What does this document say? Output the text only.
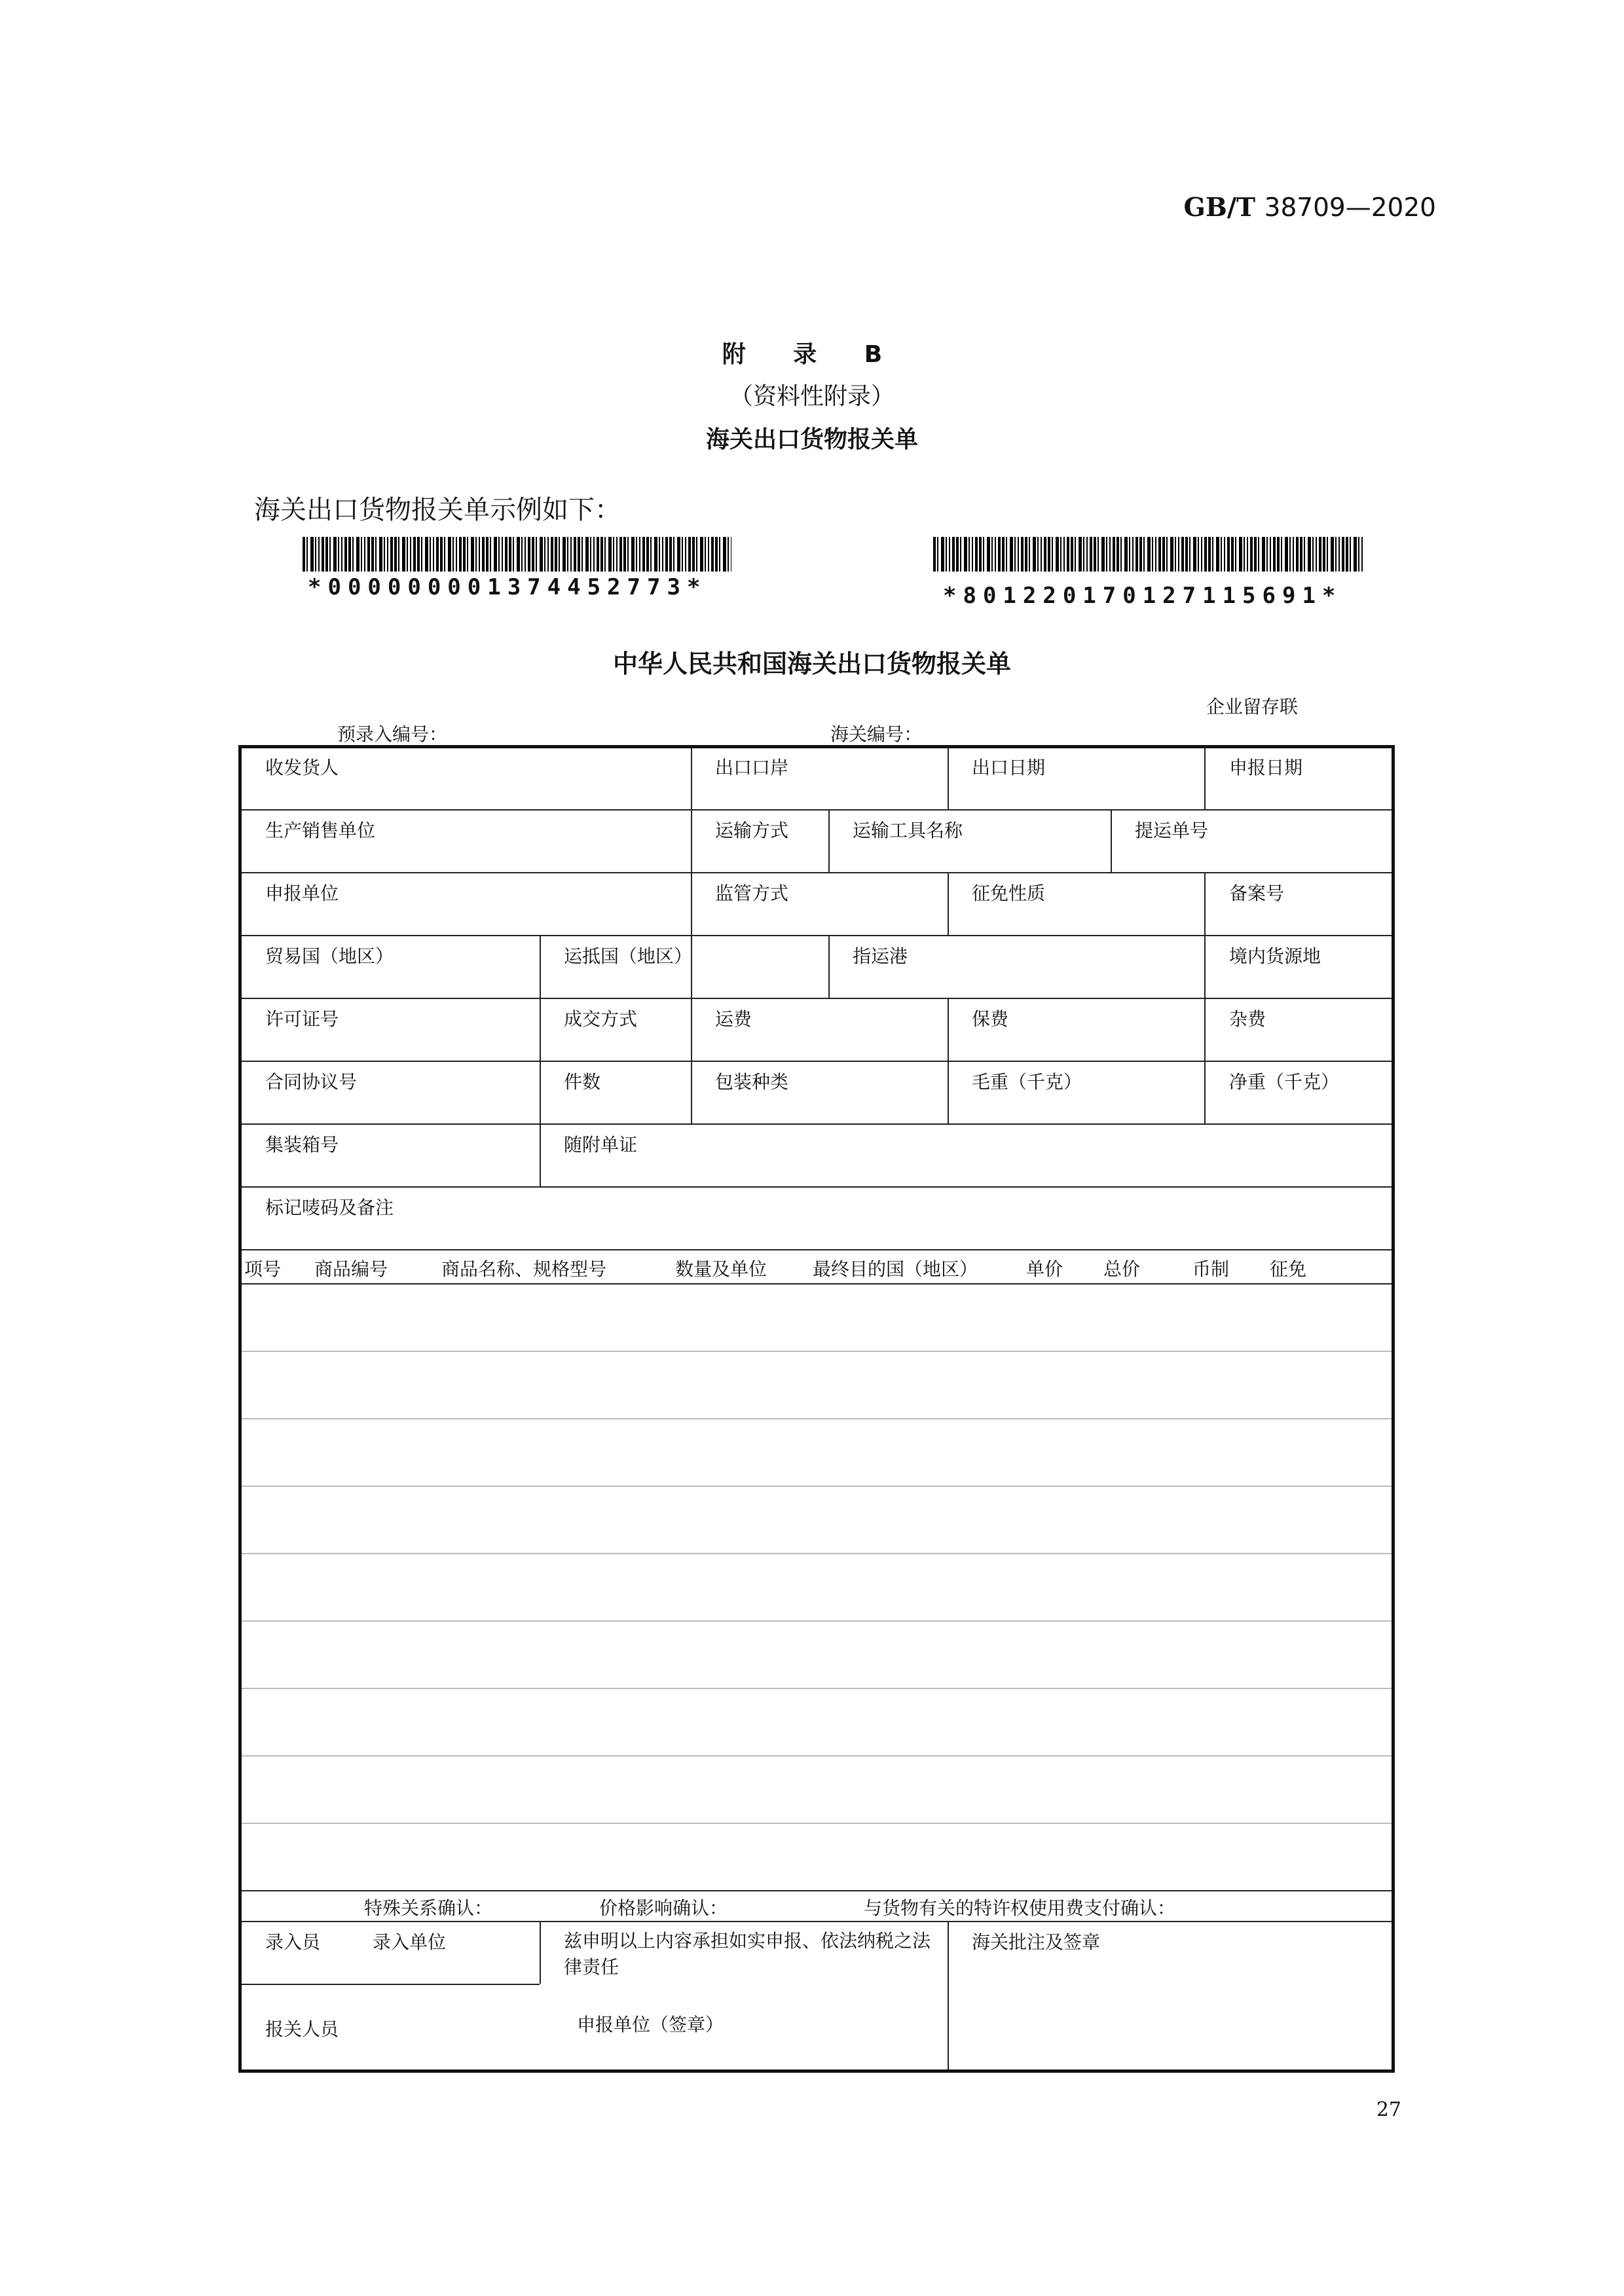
GB/T 38709—2020
附 录 B
（资料性附录）
海关出口货物报关单
海关出口货物报关单示例如下：
*0000000013744527​73*	*801220170127115691*
中华人民共和国海关出口货物报关单
企业留存联
预录入编号：	海关编号：
收发货人	出口口岸	出口日期	申报日期
生产销售单位	运输方式	运输工具名称	提运单号
申报单位	监管方式	征免性质	备案号
贸易国（地区）	运抵国（地区）	指运港	境内货源地
许可证号	成交方式	运费	保费	杂费
合同协议号	件数	包装种类	毛重（千克）	净重（千克）
集装箱号	随附单证
标记唛码及备注
项号 商品编号	商品名称、规格型号	数量及单位 最终目的国（地区）	单价 总价	币制 征免
特殊关系确认：	价格影响确认：	与货物有关的特许权使用费支付确认：
录入员	录入单位	兹申明以上内容承担如实申报、依法纳税之法律责任
海关批注及签章
报关人员	申报单位（签章）
27
